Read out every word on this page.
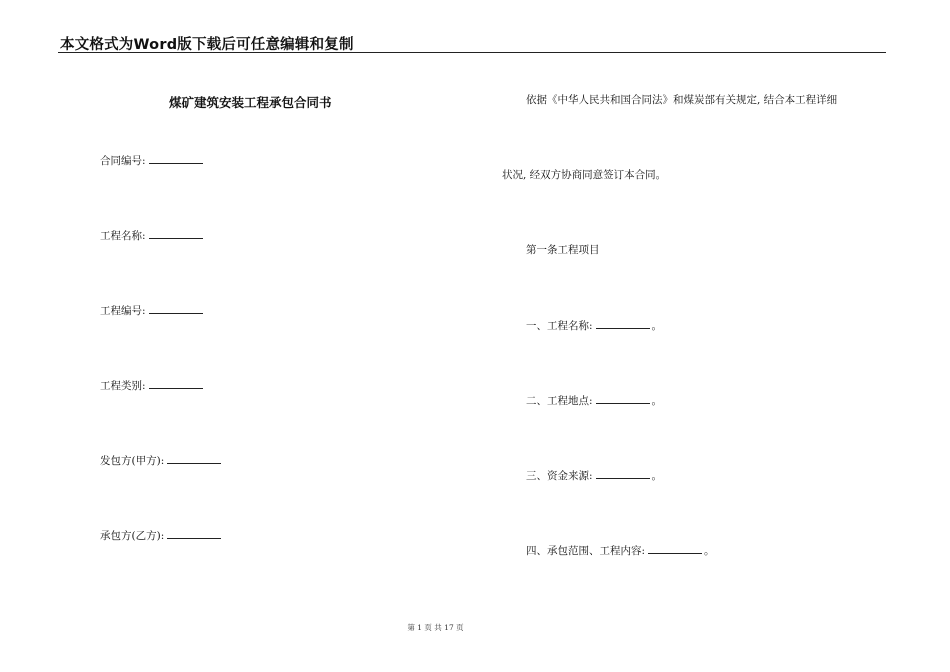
本文格式为Word版下载后可任意编辑和复制
煤矿建筑安装工程承包合同书
合同编号:
工程名称:
工程编号:
工程类别:
发包方(甲方):
承包方(乙方):
依据《中华人民共和国合同法》和煤炭部有关规定, 结合本工程详细
状况, 经双方协商同意签订本合同。
第一条工程项目
一、工程名称:	。
二、工程地点:	。
三、资金来源:	。
四、承包范围、工程内容:	。
第 1 页 共 17 页
